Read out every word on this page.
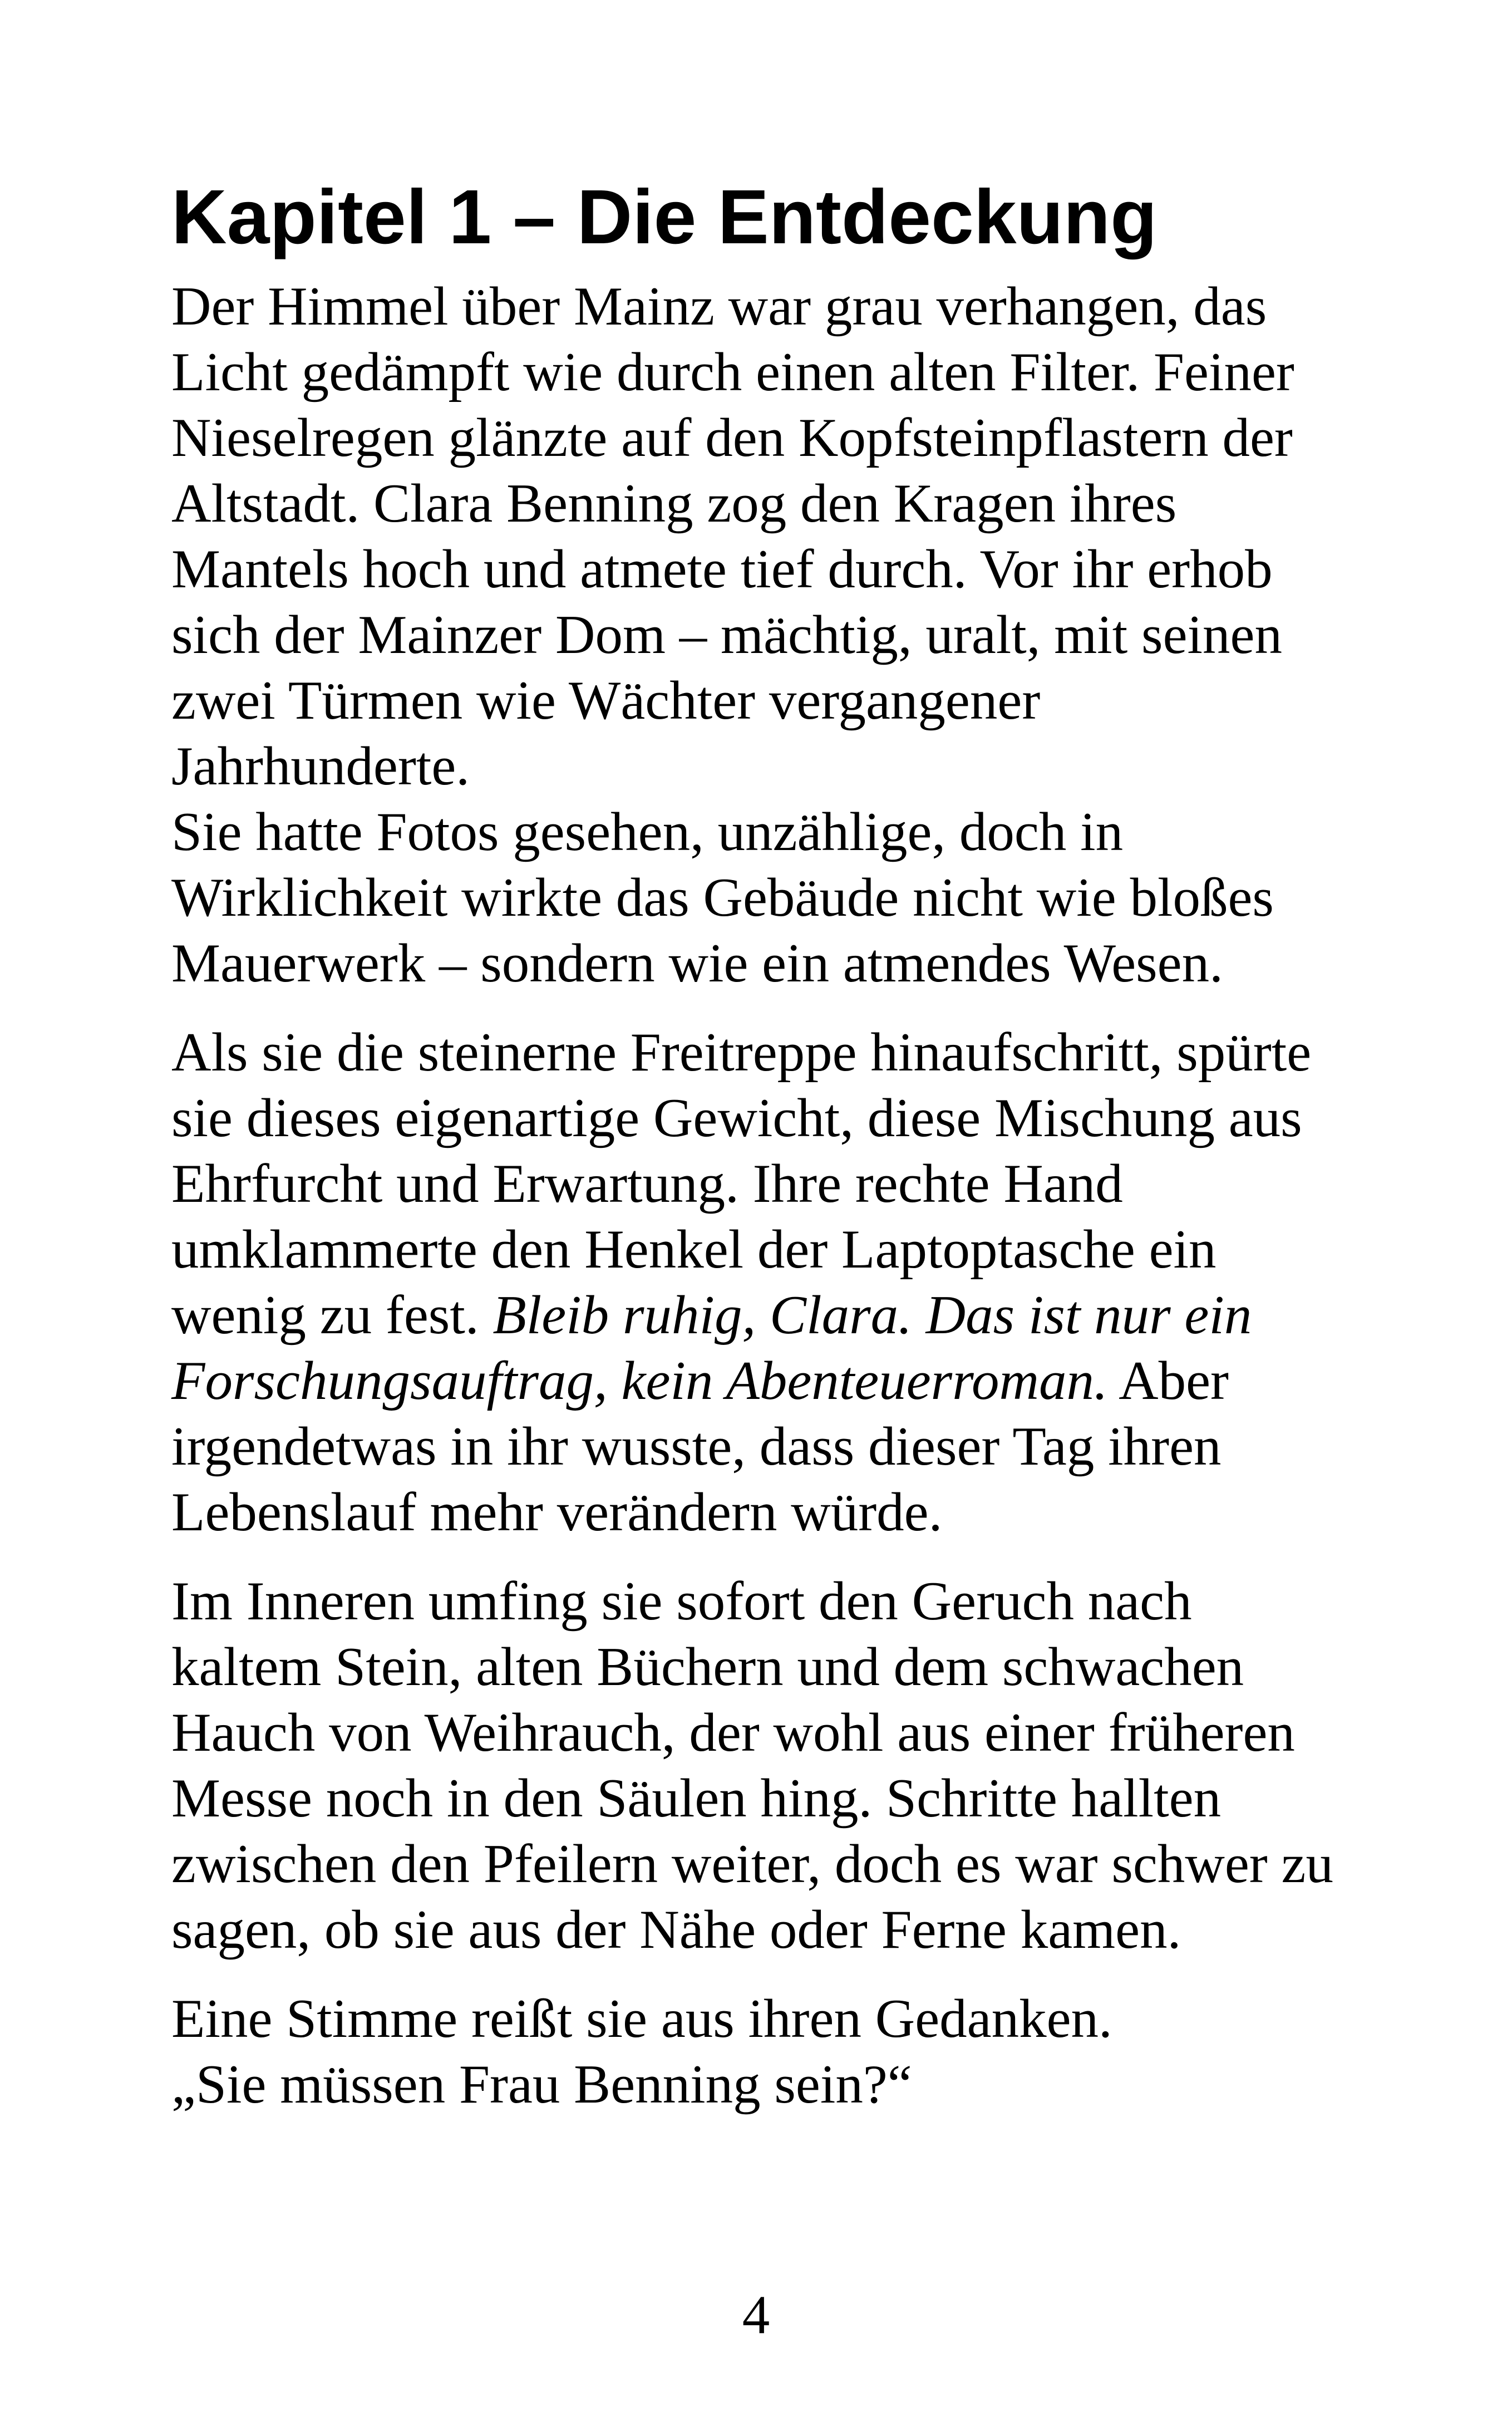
Kapitel 1 – Die Entdeckung

Der Himmel über Mainz war grau verhangen, das
Licht gedämpft wie durch einen alten Filter. Feiner
Nieselregen glänzte auf den Kopfsteinpflastern der
Altstadt. Clara Benning zog den Kragen ihres
Mantels hoch und atmete tief durch. Vor ihr erhob
sich der Mainzer Dom – mächtig, uralt, mit seinen
zwei Türmen wie Wächter vergangener
Jahrhunderte.
Sie hatte Fotos gesehen, unzählige, doch in
Wirklichkeit wirkte das Gebäude nicht wie bloßes
Mauerwerk – sondern wie ein atmendes Wesen.

Als sie die steinerne Freitreppe hinaufschritt, spürte
sie dieses eigenartige Gewicht, diese Mischung aus
Ehrfurcht und Erwartung. Ihre rechte Hand
umklammerte den Henkel der Laptoptasche ein
wenig zu fest. Bleib ruhig, Clara. Das ist nur ein
Forschungsauftrag, kein Abenteuerroman. Aber
irgendetwas in ihr wusste, dass dieser Tag ihren
Lebenslauf mehr verändern würde.

Im Inneren umfing sie sofort den Geruch nach
kaltem Stein, alten Büchern und dem schwachen
Hauch von Weihrauch, der wohl aus einer früheren
Messe noch in den Säulen hing. Schritte hallten
zwischen den Pfeilern weiter, doch es war schwer zu
sagen, ob sie aus der Nähe oder Ferne kamen.

Eine Stimme reißt sie aus ihren Gedanken.
„Sie müssen Frau Benning sein?“

4
